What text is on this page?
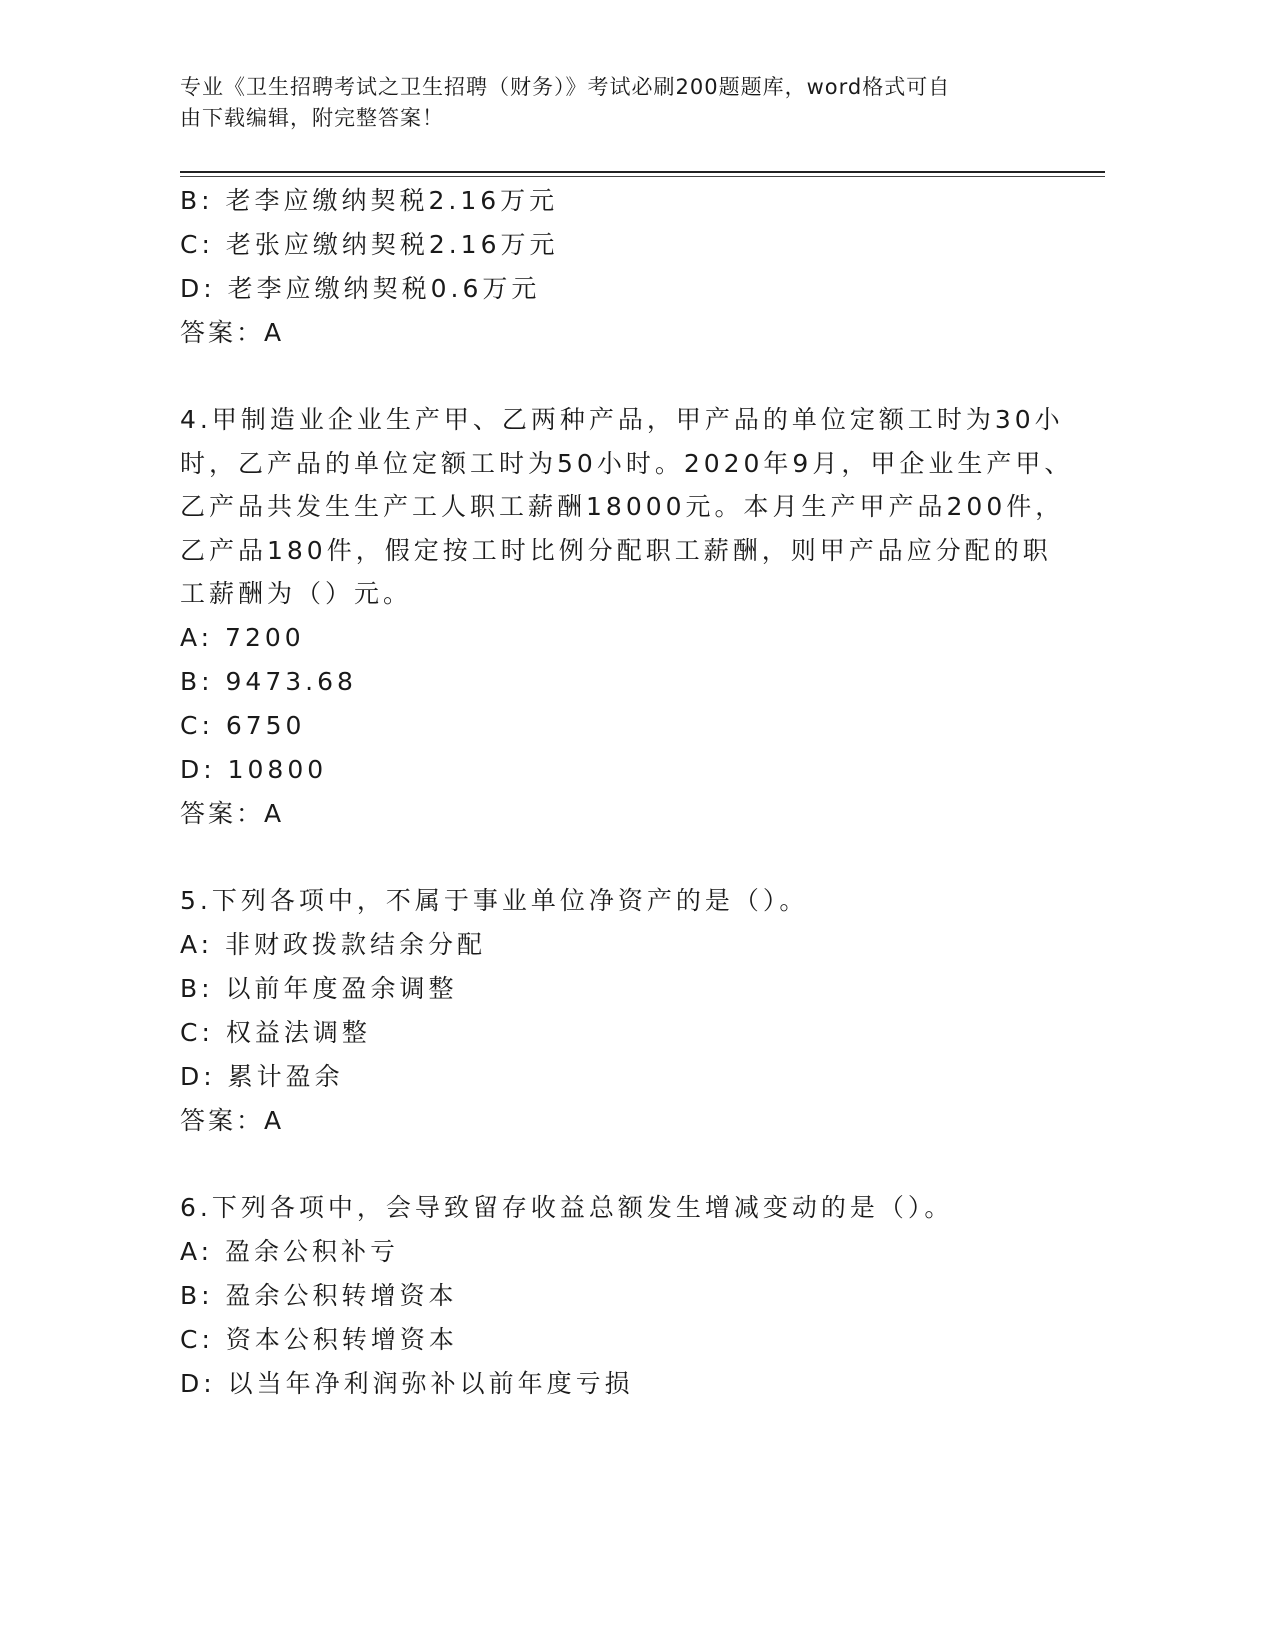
专业《卫生招聘考试之卫生招聘（财务）》考试必刷200题题库，word格式可自
由下载编辑，附完整答案！
B: 老李应缴纳契税2.16万元
C: 老张应缴纳契税2.16万元
D: 老李应缴纳契税0.6万元
答案：A
4.甲制造业企业生产甲、乙两种产品，甲产品的单位定额工时为30小
时，乙产品的单位定额工时为50小时。2020年9月，甲企业生产甲、
乙产品共发生生产工人职工薪酬18000元。本月生产甲产品200件，
乙产品180件，假定按工时比例分配职工薪酬，则甲产品应分配的职
工薪酬为（）元。
A: 7200
B: 9473.68
C: 6750
D: 10800
答案：A
5.下列各项中，不属于事业单位净资产的是（）。
A: 非财政拨款结余分配
B: 以前年度盈余调整
C: 权益法调整
D: 累计盈余
答案：A
6.下列各项中，会导致留存收益总额发生增减变动的是（）。
A: 盈余公积补亏
B: 盈余公积转增资本
C: 资本公积转增资本
D: 以当年净利润弥补以前年度亏损
